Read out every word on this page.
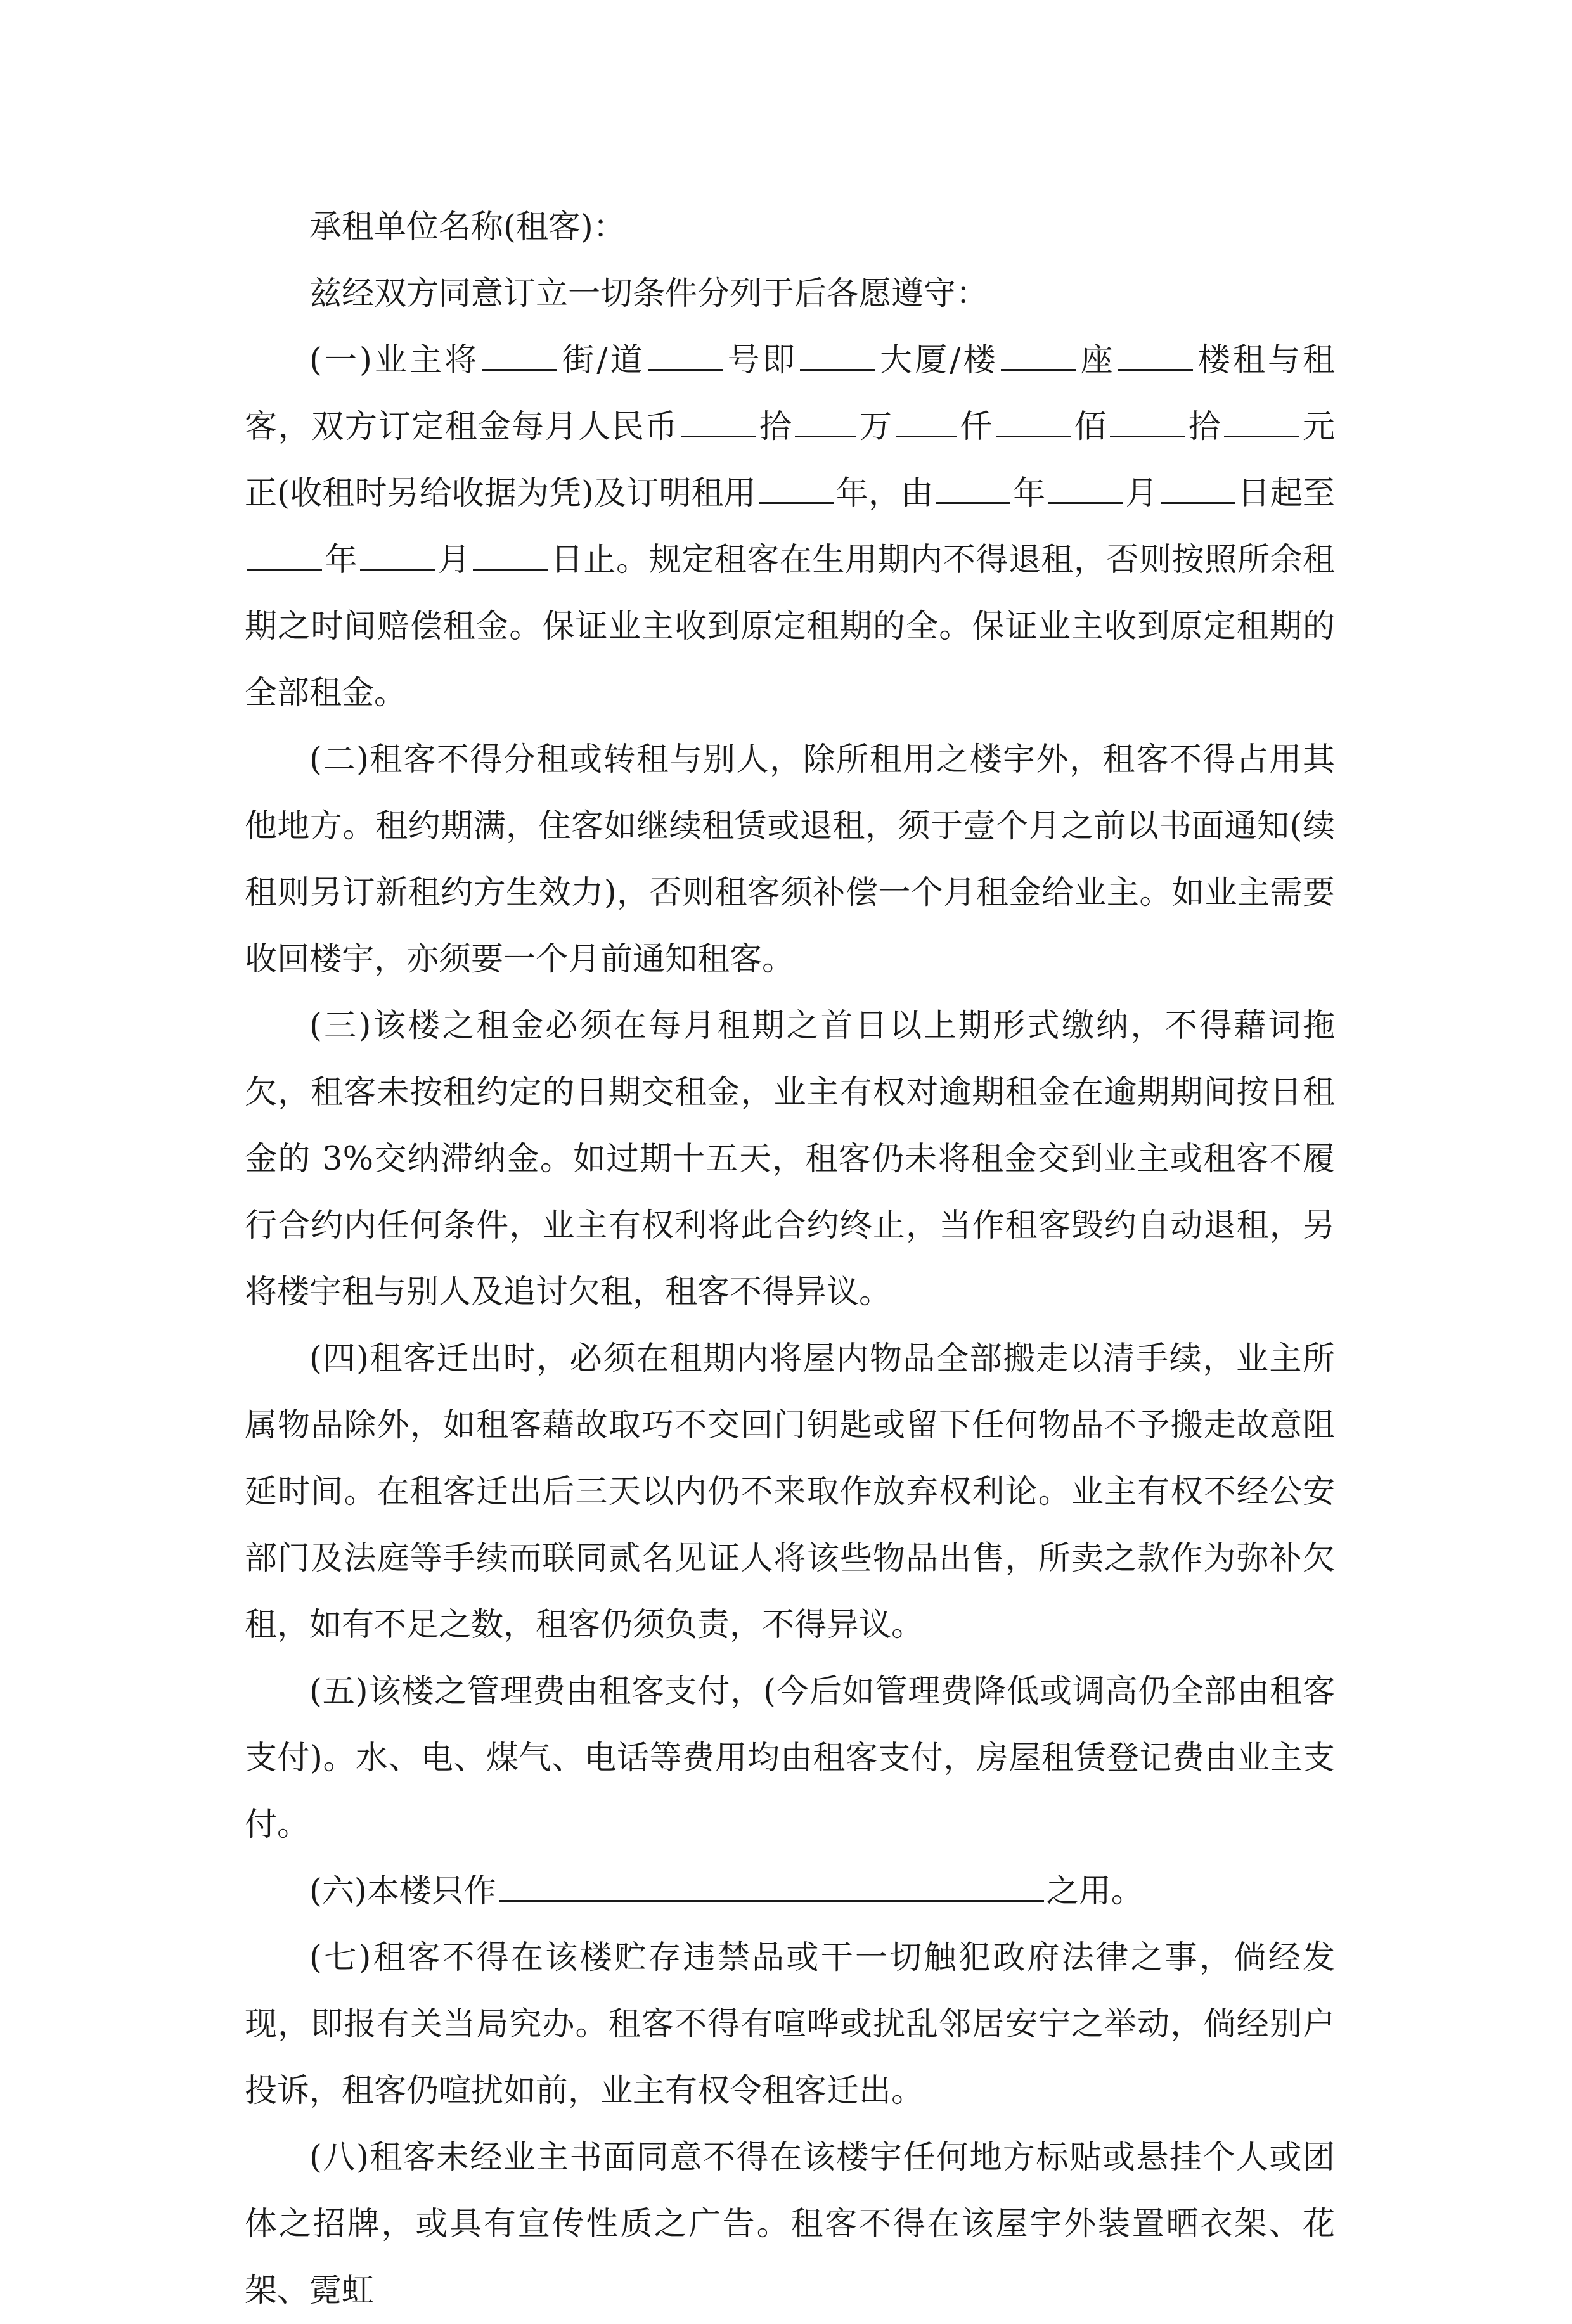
承租单位名称(租客)：

兹经双方同意订立一切条件分列于后各愿遵守：

(一)业主将 街/道 号即 大厦/楼 座 楼租与租客，双方订定租金每月人民币 拾 万 仟 佰 拾 元正(收租时另给收据为凭)及订明租用 年，由 年 月 日起至年 月 日止。规定租客在生用期内不得退租，否则按照所余租期之时间赔偿租金。保证业主收到原定租期的全。保证业主收到原定租期的全部租金。

(二)租客不得分租或转租与别人，除所租用之楼宇外，租客不得占用其他地方。租约期满，住客如继续租赁或退租，须于壹个月之前以书面通知(续租则另订新租约方生效力)，否则租客须补偿一个月租金给业主。如业主需要收回楼宇，亦须要一个月前通知租客。

(三)该楼之租金必须在每月租期之首日以上期形式缴纳，不得藉词拖欠，租客未按租约定的日期交租金，业主有权对逾期租金在逾期期间按日租金的 3%交纳滞纳金。如过期十五天，租客仍未将租金交到业主或租客不履行合约内任何条件，业主有权利将此合约终止，当作租客毁约自动退租，另将楼宇租与别人及追讨欠租，租客不得异议。

(四)租客迁出时，必须在租期内将屋内物品全部搬走以清手续，业主所属物品除外，如租客藉故取巧不交回门钥匙或留下任何物品不予搬走故意阻延时间。在租客迁出后三天以内仍不来取作放弃权利论。业主有权不经公安部门及法庭等手续而联同贰名见证人将该些物品出售，所卖之款作为弥补欠租，如有不足之数，租客仍须负责，不得异议。

(五)该楼之管理费由租客支付，(今后如管理费降低或调高仍全部由租客支付)。水、电、煤气、电话等费用均由租客支付，房屋租赁登记费由业主支付。

(六)本楼只作	之用。

(七)租客不得在该楼贮存违禁品或干一切触犯政府法律之事，倘经发现，即报有关当局究办。租客不得有喧哗或扰乱邻居安宁之举动，倘经别户投诉，租客仍喧扰如前，业主有权令租客迁出。

(八)租客未经业主书面同意不得在该楼宇任何地方标贴或悬挂个人或团体之招牌，或具有宣传性质之广告。租客不得在该屋宇外装置晒衣架、花架、霓虹
